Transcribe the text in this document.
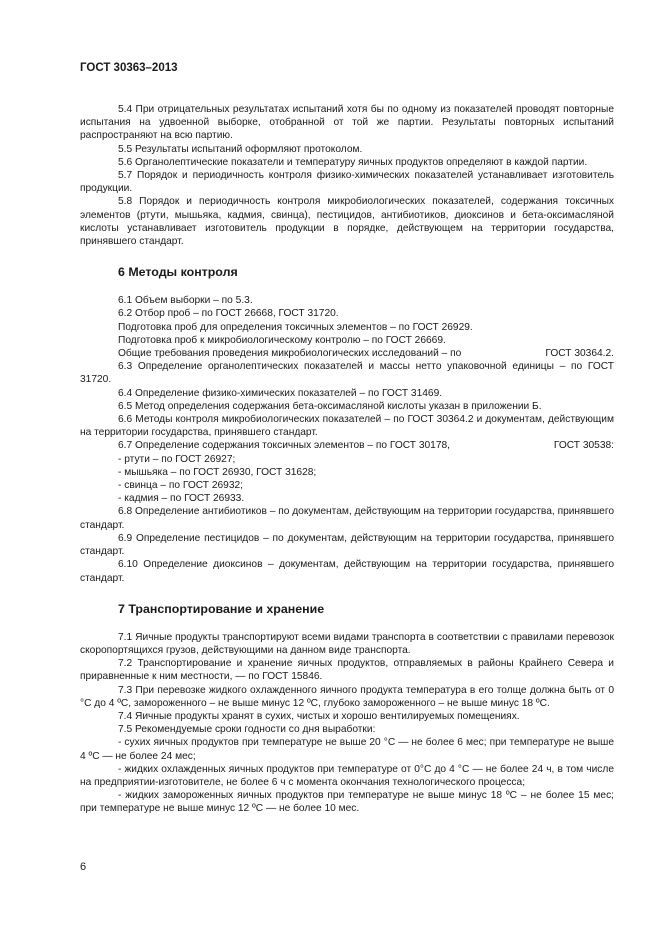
ГОСТ 30363–2013

5.4 При отрицательных результатах испытаний хотя бы по одному из показателей проводят повторные испытания на удвоенной выборке, отобранной от той же партии. Результаты повторных испытаний распространяют на всю партию.

5.5 Результаты испытаний оформляют протоколом.

5.6 Органолептические показатели и температуру яичных продуктов определяют в каждой партии.

5.7 Порядок и периодичность контроля физико-химических показателей устанавливает изготовитель продукции.

5.8 Порядок и периодичность контроля микробиологических показателей, содержания токсичных элементов (ртути, мышьяка, кадмия, свинца), пестицидов, антибиотиков, диоксинов и бета-оксимасляной кислоты устанавливает изготовитель продукции в порядке, действующем на территории государства, принявшего стандарт.

6 Методы контроля

6.1 Объем выборки – по 5.3.

6.2 Отбор проб – по ГОСТ 26668, ГОСТ 31720.

Подготовка проб для определения токсичных элементов – по ГОСТ 26929.

Подготовка проб к микробиологическому контролю – по ГОСТ 26669.

Общие требования проведения микробиологических исследований – по	ГОСТ 30364.2.

6.3 Определение органолептических показателей и массы нетто упаковочной единицы – по ГОСТ 31720.

6.4 Определение физико-химических показателей – по ГОСТ 31469.

6.5 Метод определения содержания бета-оксимасляной кислоты указан в приложении Б.

6.6 Методы контроля микробиологических показателей – по ГОСТ 30364.2 и документам, действующим на территории государства, принявшего стандарт.

6.7 Определение содержания токсичных элементов – по ГОСТ 30178,	ГОСТ 30538:

- ртути – по ГОСТ 26927;

- мышьяка – по ГОСТ 26930, ГОСТ 31628;

- свинца – по ГОСТ 26932;

- кадмия – по ГОСТ 26933.

6.8 Определение антибиотиков – по документам, действующим на территории государства, принявшего стандарт.

6.9 Определение пестицидов – по документам, действующим на территории государства, принявшего стандарт.

6.10 Определение диоксинов – документам, действующим на территории государства, принявшего стандарт.

7 Транспортирование и хранение

7.1 Яичные продукты транспортируют всеми видами транспорта в соответствии с правилами перевозок скоропортящихся грузов, действующими на данном виде транспорта.

7.2 Транспортирование и хранение яичных продуктов, отправляемых в районы Крайнего Севера и приравненные к ним местности, — по ГОСТ 15846.

7.3 При перевозке жидкого охлажденного яичного продукта температура в его толще должна быть от 0 °С до 4 ºС, замороженного – не выше минус 12 ºС, глубоко замороженного – не выше минус 18 ºС.

7.4 Яичные продукты хранят в сухих, чистых и хорошо вентилируемых помещениях.

7.5 Рекомендуемые сроки годности со дня выработки:

- сухих яичных продуктов при температуре не выше 20 °С — не более 6 мес; при температуре не выше 4 ºС — не более 24 мес;

- жидких охлажденных яичных продуктов при температуре от 0°С до 4 °С — не более 24 ч, в том числе на предприятии-изготовителе, не более 6 ч с момента окончания технологического процесса;

- жидких замороженных яичных продуктов при температуре не выше минус 18 ºС – не более 15 мес; при температуре не выше минус 12 ºС — не более 10 мес.

6
